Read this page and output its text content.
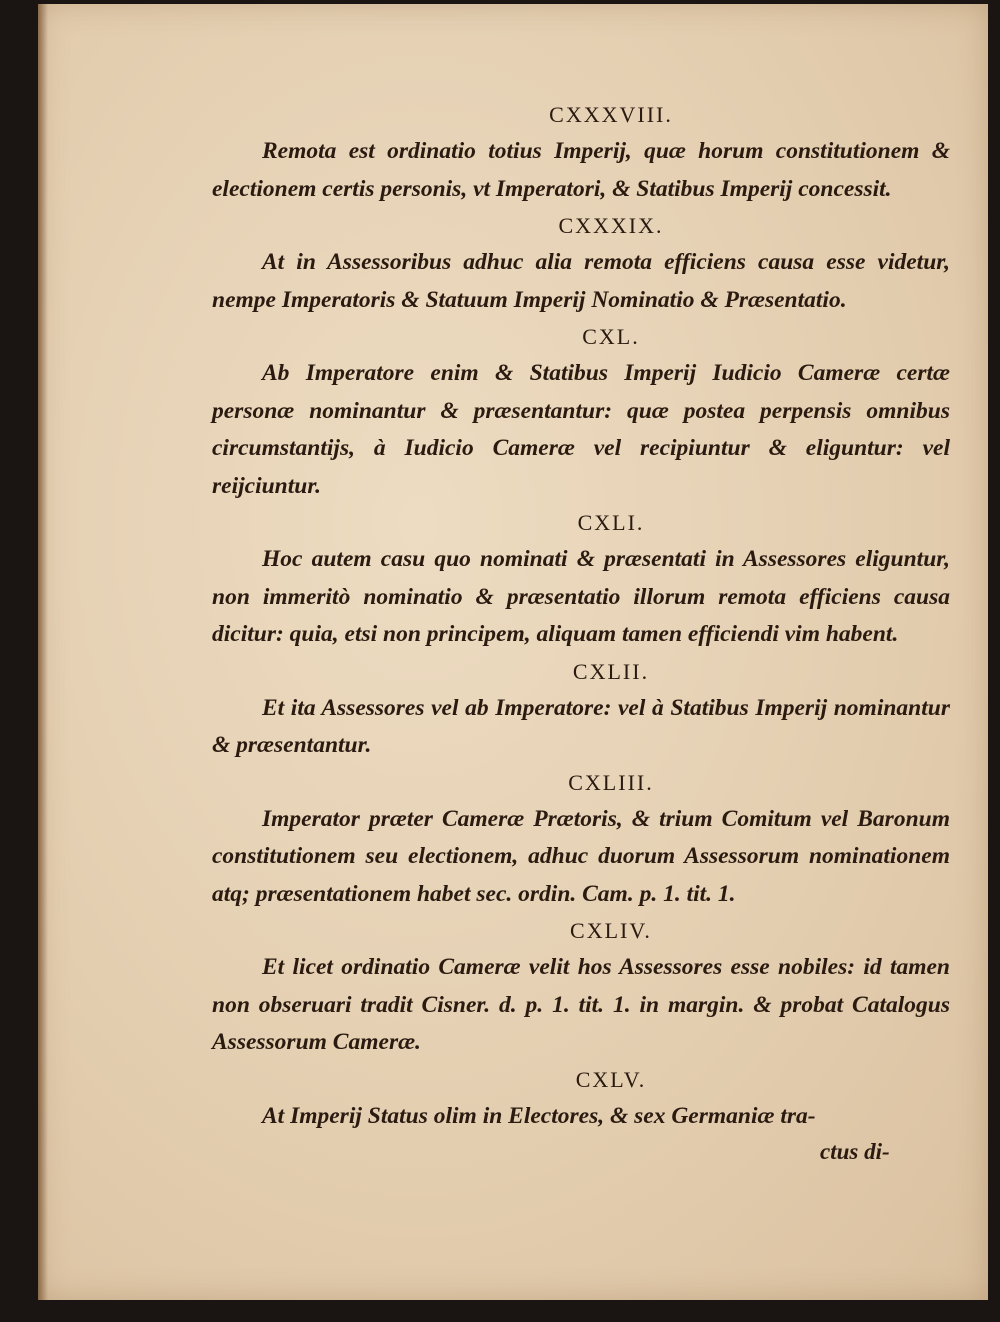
CXXXVIII.

Remota est ordinatio totius Imperij, quæ horum constitutionem & electionem certis personis, vt Imperatori, & Statibus Imperij concessit.

CXXXIX.

At in Assessoribus adhuc alia remota efficiens causa esse videtur, nempe Imperatoris & Statuum Imperij Nominatio & Præsentatio.

CXL.

Ab Imperatore enim & Statibus Imperij Iudicio Cameræ certæ personæ nominantur & præsentantur: quæ postea perpensis omnibus circumstantijs, à Iudicio Cameræ vel recipiuntur & eliguntur: vel reijciuntur.

CXLI.

Hoc autem casu quo nominati & præsentati in Assessores eliguntur, non immeritò nominatio & præsentatio illorum remota efficiens causa dicitur: quia, etsi non principem, aliquam tamen efficiendi vim habent.

CXLII.

Et ita Assessores vel ab Imperatore: vel à Statibus Imperij nominantur & præsentantur.

CXLIII.

Imperator præter Cameræ Prætoris, & trium Comitum vel Baronum constitutionem seu electionem, adhuc duorum Assessorum nominationem atq; præsentationem habet sec. ordin. Cam. p. 1. tit. 1.

CXLIV.

Et licet ordinatio Cameræ velit hos Assessores esse nobiles: id tamen non obseruari tradit Cisner. d. p. 1. tit. 1. in margin. & probat Catalogus Assessorum Cameræ.

CXLV.

At Imperij Status olim in Electores, & sex Germaniæ tra-

ctus di-
